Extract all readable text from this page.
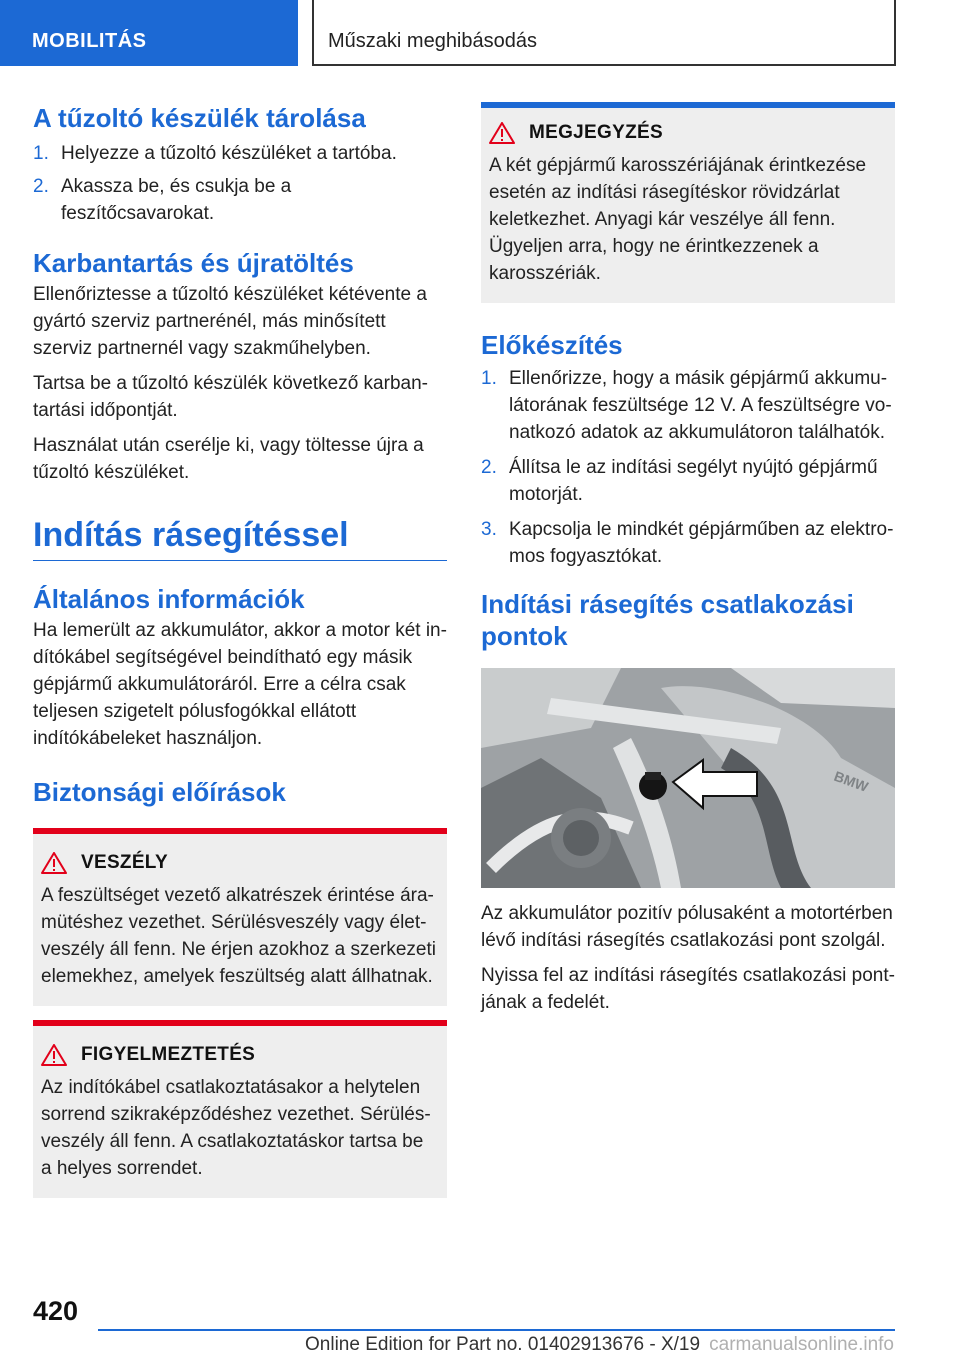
MOBILITÁS	Műszaki meghibásodás
A tűzoltó készülék tárolása
1. Helyezze a tűzoltó készüléket a tartóba.
2. Akassza be, és csukja be a feszítőcsavarokat.
Karbantartás és újratöltés

Ellenőriztesse a tűzoltó készüléket kétévente a gyártó szerviz partnerénél, más minősített szerviz partnernél vagy szakműhelyben.

Tartsa be a tűzoltó készülék következő karbantartási időpontját.

Használat után cserélje ki, vagy töltesse újra a tűzoltó készüléket.

Indítás rásegítéssel
Általános információk

Ha lemerült az akkumulátor, akkor a motor két indítókábel segítségével beindítható egy másik gépjármű akkumulátoráról. Erre a célra csak teljesen szigetelt pólusfogókkal ellátott indítókábeleket használjon.

Biztonsági előírások
VESZÉLY

A feszültséget vezető alkatrészek érintése áramütéshez vezethet. Sérülésveszély vagy életveszély áll fenn. Ne érjen azokhoz a szerkezeti elemekhez, amelyek feszültség alatt állhatnak.

FIGYELMEZTETÉS

Az indítókábel csatlakoztatásakor a helytelen sorrend szikraképződéshez vezethet. Sérülésveszély áll fenn. A csatlakoztatáskor tartsa be a helyes sorrendet.

MEGJEGYZÉS

A két gépjármű karosszériájának érintkezése esetén az indítási rásegítéskor rövidzárlat keletkezhet. Anyagi kár veszélye áll fenn. Ügyeljen arra, hogy ne érintkezzenek a karosszériák.

Előkészítés
1. Ellenőrizze, hogy a másik gépjármű akkumulátorának feszültsége 12 V. A feszültségre vonatkozó adatok az akkumulátoron találhatók.
2. Állítsa le az indítási segélyt nyújtó gépjármű motorját.
3. Kapcsolja le mindkét gépjárműben az elektromos fogyasztókat.
Indítási rásegítés csatlakozási pontok
BMW

Az akkumulátor pozitív pólusaként a motortérben lévő indítási rásegítés csatlakozási pont szolgál.

Nyissa fel az indítási rásegítés csatlakozási pontjának a fedelét.

420
Online Edition for Part no. 01402913676 - X/19 carmanualsonline.info
